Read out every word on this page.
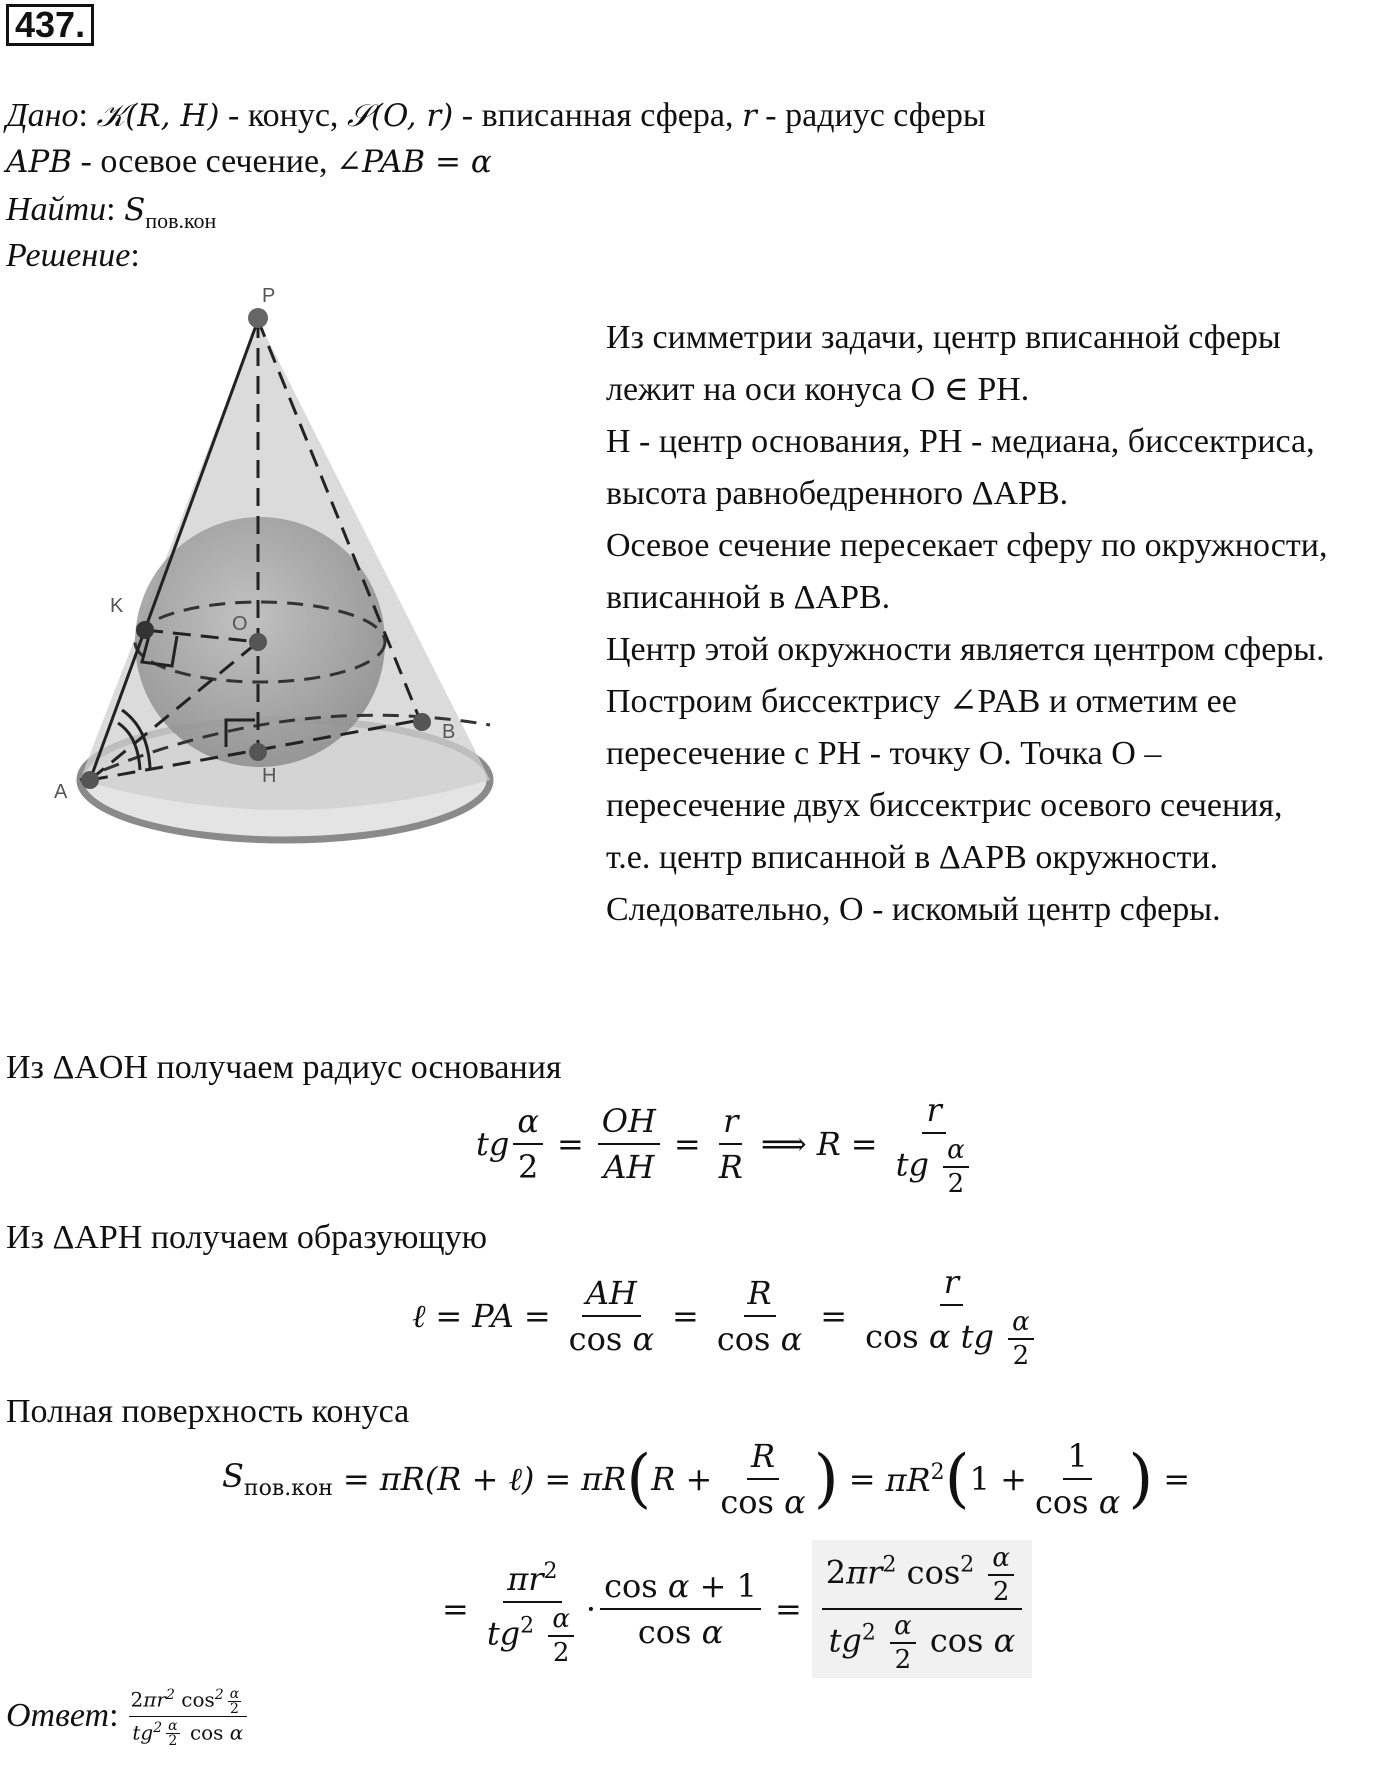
437.
Дано: 𝒦(R, H) - конус, 𝒮(O, r) - вписанная сфера, r - радиус сферы
APB - осевое сечение, ∠PAB = α
Найти: $S_{пов.кон}$
Решение:
P
K
O
B
H
A

Из симметрии задачи, центр вписанной сферы

лежит на оси конуса O ∈ PH.

H - центр основания, PH - медиана, биссектриса,

высота равнобедренного ΔAPB.

Осевое сечение пересекает сферу по окружности,

вписанной в ΔAPB.

Центр этой окружности является центром сферы.

Построим биссектрису ∠PAB и отметим ее

пересечение с PH - точку O. Точка O –

пересечение двух биссектрис осевого сечения,

т.е. центр вписанной в ΔAPB окружности.

Следовательно, O - искомый центр сферы.

Из ΔAOH получаем радиус основания
tg $\frac{\alpha}{2} = \frac{OH}{AH} = \frac{r}{R}$ ⟹ $R = \frac{r}{tg \frac{\alpha}{2}}$
Из ΔAPH получаем образующую
ℓ = PA = $\frac{AH}{\text{cos α}} = \frac{R}{\text{cos α}} = \frac{r}{\cos \alpha tg \frac{\alpha}{2}}$
Полная поверхность конуса
$S_{пов.кон} = \pi R(R$ + ℓ) = πR ( $R + \frac{R}{\text{cos α}}$ ) = $\pi R^2$ ( $1 + \frac{1}{\text{cos α}}$ ) =
= $\frac{\pi r^2}{tg^2 \frac{\alpha}{2}} \cdot \frac{\text{cos α + 1}}{\text{cos α}} = \frac{2\pi r^2 \cos^2 \frac{\alpha}{2}}{tg^2 \frac{\alpha}{2} \cos \alpha}$
Ответ : $\frac{2\pi r^2 \cos^2 \frac{\alpha}{2}}{tg^2 \frac{\alpha}{2} \cos \alpha}$
